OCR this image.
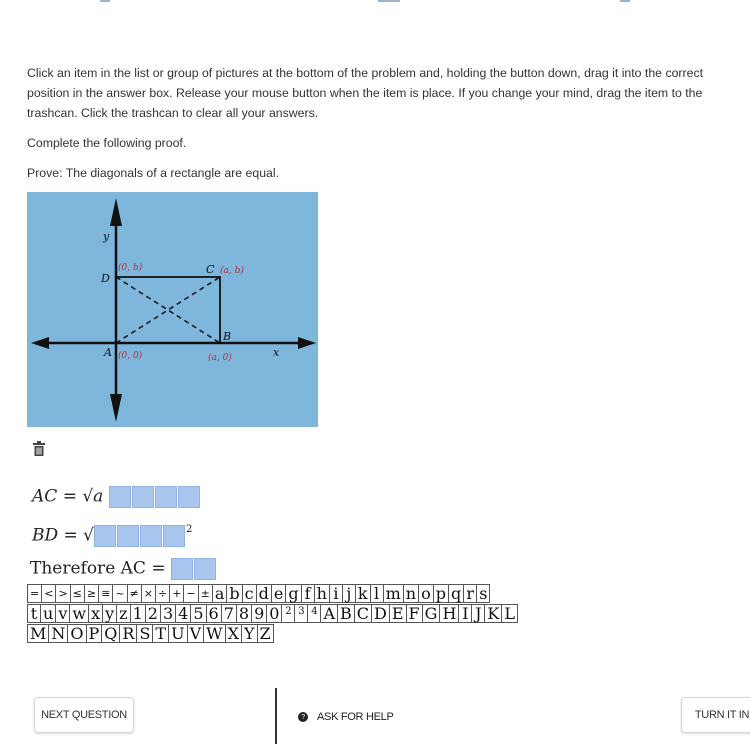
Click an item in the list or group of pictures at the bottom of the problem and, holding the button down, drag it into the correct position in the answer box. Release your mouse button when the item is place. If you change your mind, drag the item to the trashcan. Click the trashcan to clear all your answers.
Complete the following proof.
Prove: The diagonals of a rectangle are equal.
y
x
D
(0, b)	C (a, b)
B
(a, 0)
A (0, 0)
AC = √a
BD = √	$^2$
Therefore AC =
= < > ≤ ≥ ≅ ~ ≠ × ÷ + − ± a b c d e g f h i j k l m n o p q r s
t u v w x y z 1 2 3 4 5 6 7 8 9 0 2 3 4 A B C D E F G H I J K L
M N O P Q R S T U V W X Y Z
NEXT QUESTION	? ASK FOR HELP	TURN IT IN
